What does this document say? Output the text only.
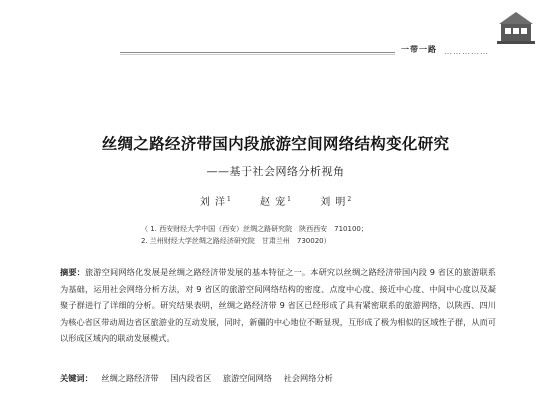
一带一路 ……………
丝绸之路经济带国内段旅游空间网络结构变化研究
——基于社会网络分析视角
刘 洋 $^1$	赵 宠 $^1$	刘 明 $^2$
（ 1. 西安财经大学中国（西安）丝绸之路研究院　陕西西安　710100；
2. 兰州财经大学丝绸之路经济研究院　甘肃兰州　730020）
摘要：旅游空间网络化发展是丝绸之路经济带发展的基本特征之一。本研究以丝绸之路经济带国内段 9 省区的旅游联系为基础，运用社会网络分析方法，对 9 省区的旅游空间网络结构的密度、点度中心度、接近中心度、中间中心度以及凝聚子群进行了详细的分析。研究结果表明，丝绸之路经济带 9 省区已经形成了具有紧密联系的旅游网络，以陕西、四川为核心省区带动周边省区旅游业的互动发展，同时，新疆的中心地位不断显现，互形成了极为相似的区域性子群，从而可以形成区域内的联动发展模式。
关键词： 丝绸之路经济带 国内段省区 旅游空间网络 社会网络分析
